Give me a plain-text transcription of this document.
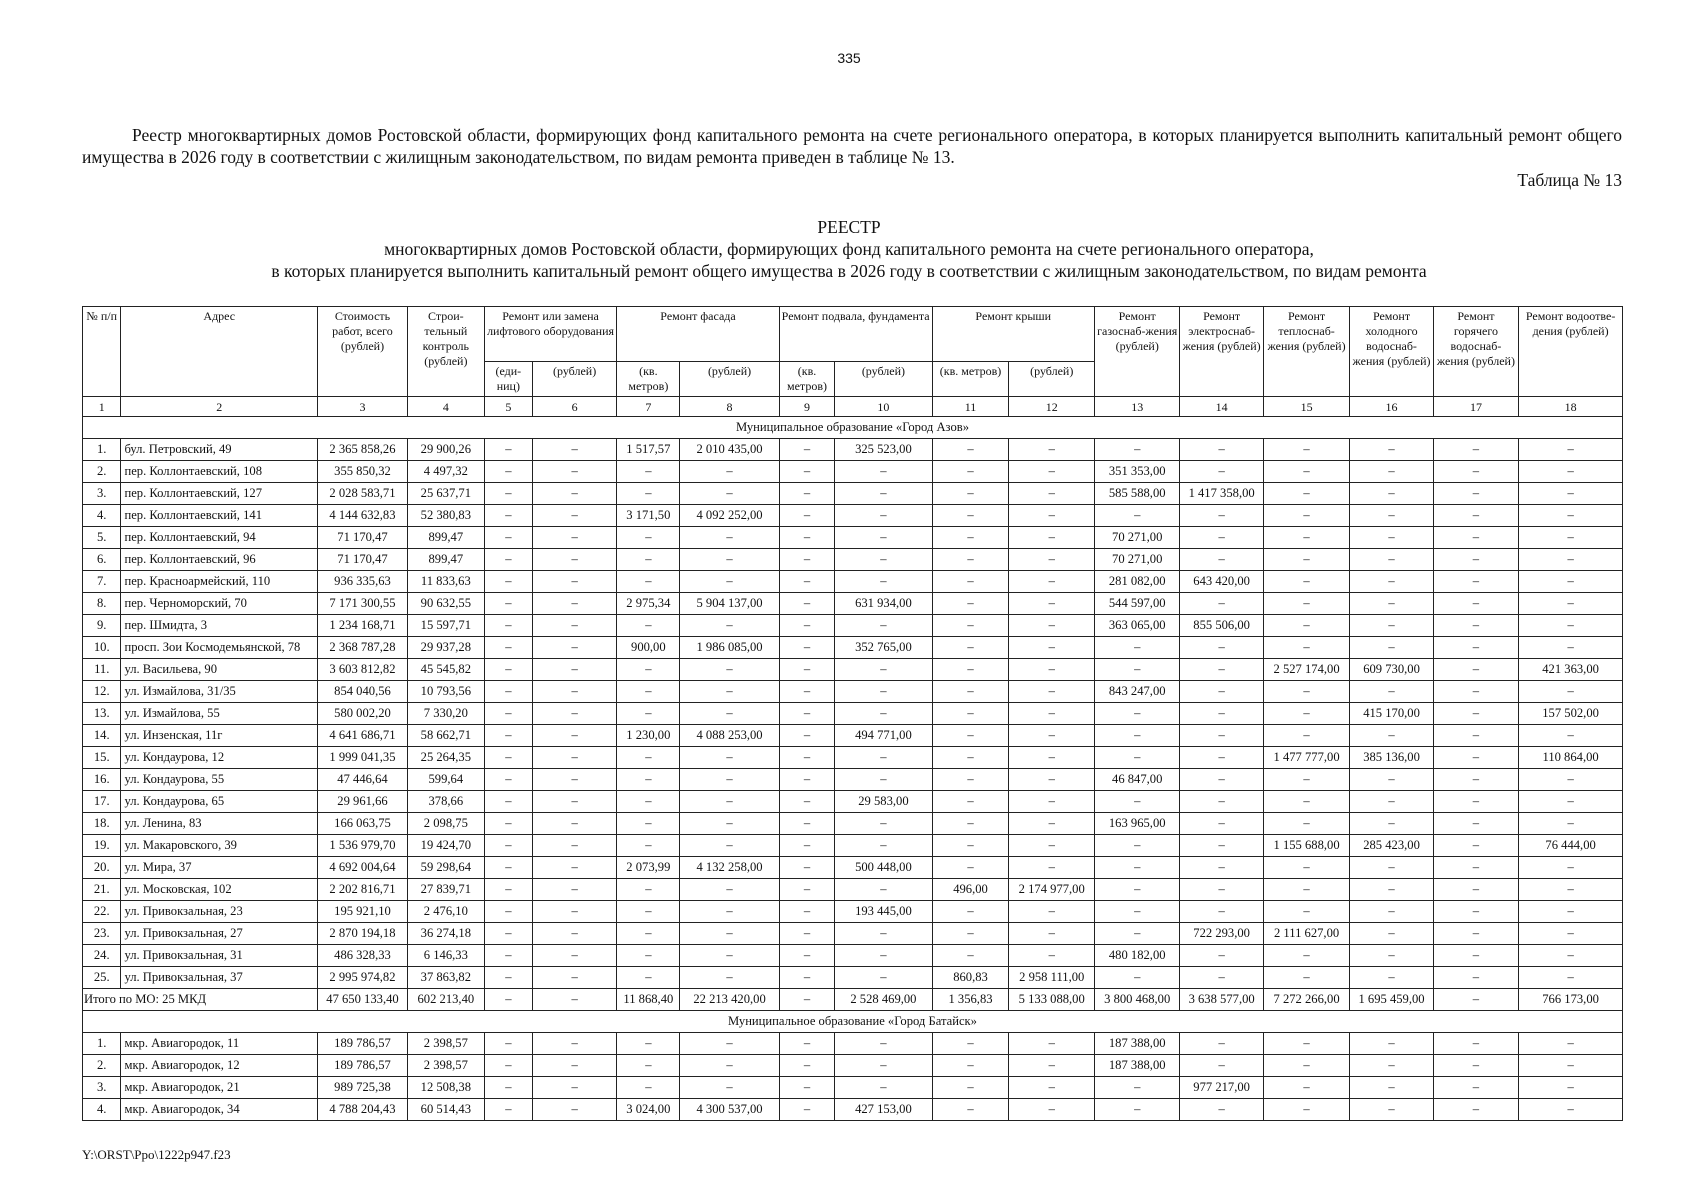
335
Реестр многоквартирных домов Ростовской области, формирующих фонд капитального ремонта на счете регионального оператора, в которых планируется выполнить капитальный ремонт общего имущества в 2026 году в соответствии с жилищным законодательством, по видам ремонта приведен в таблице № 13.
Таблица № 13
РЕЕСТР
многоквартирных домов Ростовской области, формирующих фонд капитального ремонта на счете регионального оператора,
в которых планируется выполнить капитальный ремонт общего имущества в 2026 году в соответствии с жилищным законодательством, по видам ремонта
№ п/п	Адрес	Стоимость работ, всего (рублей)	Строи-тельный контроль (рублей)	Ремонт или замена лифтового оборудования		Ремонт фасада		Ремонт подвала, фундамента		Ремонт крыши		Ремонт газоснаб-жения (рублей)	Ремонт электроснаб-жения (рублей)	Ремонт теплоснаб-жения (рублей)	Ремонт холодного водоснаб-жения (рублей)	Ремонт горячего водоснаб-жения (рублей)	Ремонт водоотве-дения (рублей)
				(еди-ниц)	(рублей)	(кв. метров)	(рублей)	(кв. метров)	(рублей)	(кв. метров)	(рублей)						
1	2	3	4	5	6	7	8	9	10	11	12	13	14	15	16	17	18
Муниципальное образование «Город Азов»																	
1.	бул. Петровский, 49	2 365 858,26	29 900,26	–	–	1 517,57	2 010 435,00	–	325 523,00	–	–	–	–	–	–	–	–
2.	пер. Коллонтаевский, 108	355 850,32	4 497,32	–	–	–	–	–	–	–	–	351 353,00	–	–	–	–	–
3.	пер. Коллонтаевский, 127	2 028 583,71	25 637,71	–	–	–	–	–	–	–	–	585 588,00	1 417 358,00	–	–	–	–
4.	пер. Коллонтаевский, 141	4 144 632,83	52 380,83	–	–	3 171,50	4 092 252,00	–	–	–	–	–	–	–	–	–	–
5.	пер. Коллонтаевский, 94	71 170,47	899,47	–	–	–	–	–	–	–	–	70 271,00	–	–	–	–	–
6.	пер. Коллонтаевский, 96	71 170,47	899,47	–	–	–	–	–	–	–	–	70 271,00	–	–	–	–	–
7.	пер. Красноармейский, 110	936 335,63	11 833,63	–	–	–	–	–	–	–	–	281 082,00	643 420,00	–	–	–	–
8.	пер. Черноморский, 70	7 171 300,55	90 632,55	–	–	2 975,34	5 904 137,00	–	631 934,00	–	–	544 597,00	–	–	–	–	–
9.	пер. Шмидта, 3	1 234 168,71	15 597,71	–	–	–	–	–	–	–	–	363 065,00	855 506,00	–	–	–	–
10.	просп. Зои Космодемьянской, 78	2 368 787,28	29 937,28	–	–	900,00	1 986 085,00	–	352 765,00	–	–	–	–	–	–	–	–
11.	ул. Васильева, 90	3 603 812,82	45 545,82	–	–	–	–	–	–	–	–	–	–	2 527 174,00	609 730,00	–	421 363,00
12.	ул. Измайлова, 31/35	854 040,56	10 793,56	–	–	–	–	–	–	–	–	843 247,00	–	–	–	–	–
13.	ул. Измайлова, 55	580 002,20	7 330,20	–	–	–	–	–	–	–	–	–	–	–	415 170,00	–	157 502,00
14.	ул. Инзенская, 11г	4 641 686,71	58 662,71	–	–	1 230,00	4 088 253,00	–	494 771,00	–	–	–	–	–	–	–	–
15.	ул. Кондаурова, 12	1 999 041,35	25 264,35	–	–	–	–	–	–	–	–	–	–	1 477 777,00	385 136,00	–	110 864,00
16.	ул. Кондаурова, 55	47 446,64	599,64	–	–	–	–	–	–	–	–	46 847,00	–	–	–	–	–
17.	ул. Кондаурова, 65	29 961,66	378,66	–	–	–	–	–	29 583,00	–	–	–	–	–	–	–	–
18.	ул. Ленина, 83	166 063,75	2 098,75	–	–	–	–	–	–	–	–	163 965,00	–	–	–	–	–
19.	ул. Макаровского, 39	1 536 979,70	19 424,70	–	–	–	–	–	–	–	–	–	–	1 155 688,00	285 423,00	–	76 444,00
20.	ул. Мира, 37	4 692 004,64	59 298,64	–	–	2 073,99	4 132 258,00	–	500 448,00	–	–	–	–	–	–	–	–
21.	ул. Московская, 102	2 202 816,71	27 839,71	–	–	–	–	–	–	496,00	2 174 977,00	–	–	–	–	–	–
22.	ул. Привокзальная, 23	195 921,10	2 476,10	–	–	–	–	–	193 445,00	–	–	–	–	–	–	–	–
23.	ул. Привокзальная, 27	2 870 194,18	36 274,18	–	–	–	–	–	–	–	–	–	722 293,00	2 111 627,00	–	–	–
24.	ул. Привокзальная, 31	486 328,33	6 146,33	–	–	–	–	–	–	–	–	480 182,00	–	–	–	–	–
25.	ул. Привокзальная, 37	2 995 974,82	37 863,82	–	–	–	–	–	–	860,83	2 958 111,00	–	–	–	–	–	–
Итого по МО: 25 МКД		47 650 133,40	602 213,40	–	–	11 868,40	22 213 420,00	–	2 528 469,00	1 356,83	5 133 088,00	3 800 468,00	3 638 577,00	7 272 266,00	1 695 459,00	–	766 173,00
Муниципальное образование «Город Батайск»																	
1.	мкр. Авиагородок, 11	189 786,57	2 398,57	–	–	–	–	–	–	–	–	187 388,00	–	–	–	–	–
2.	мкр. Авиагородок, 12	189 786,57	2 398,57	–	–	–	–	–	–	–	–	187 388,00	–	–	–	–	–
3.	мкр. Авиагородок, 21	989 725,38	12 508,38	–	–	–	–	–	–	–	–	–	977 217,00	–	–	–	–
4.	мкр. Авиагородок, 34	4 788 204,43	60 514,43	–	–	3 024,00	4 300 537,00	–	427 153,00	–	–	–	–	–	–	–	–
Y:\ORST\Ppo\1222p947.f23
